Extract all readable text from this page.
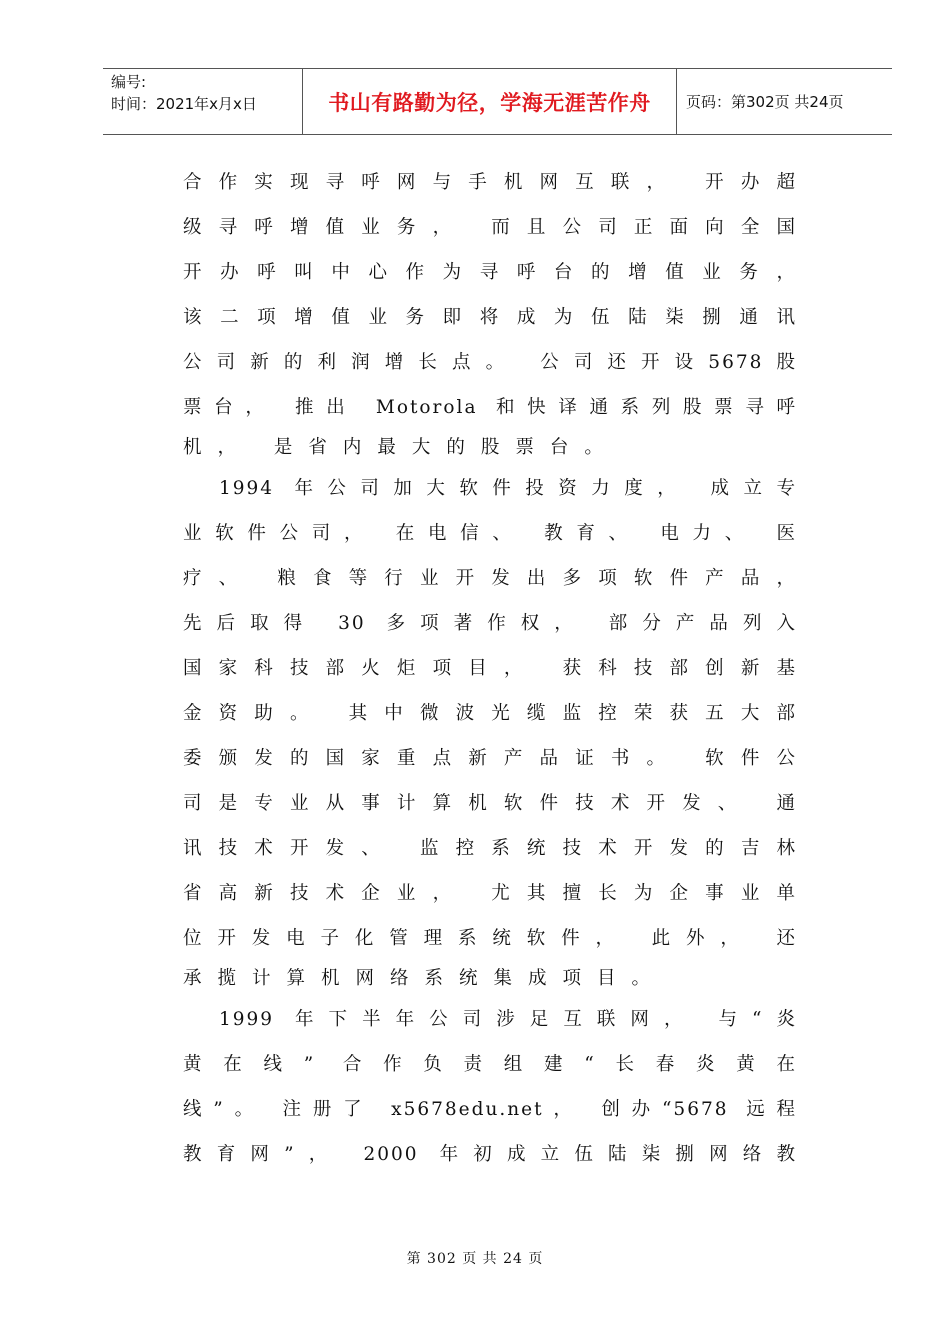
编号:
时间：2021年x月x日	书山有路勤为径，学海无涯苦作舟	页码：第302页 共24页
合作实现寻呼网与手机网互联， 开办超
级寻呼增值业务， 而且公司正面向全国
开办呼叫中心作为寻呼台的增值业务，
该二项增值业务即将成为伍陆柒捌通讯
公司新的利润增长点。 公司还开设5678股
票台， 推出 Motorola 和快译通系列股票寻呼
机， 是省内最大的股票台。
1994 年公司加大软件投资力度， 成立专
业软件公司， 在电信、 教育、 电力、 医
疗、 粮食等行业开发出多项软件产品，
先后取得 30 多项著作权， 部分产品列入
国家科技部火炬项目， 获科技部创新基
金资助。 其中微波光缆监控荣获五大部
委颁发的国家重点新产品证书。 软件公
司是专业从事计算机软件技术开发、 通
讯技术开发、 监控系统技术开发的吉林
省高新技术企业， 尤其擅长为企事业单
位开发电子化管理系统软件， 此外， 还
承揽计算机网络系统集成项目。
1999 年下半年公司涉足互联网， 与“炎
黄在线” 合作负责组建“长春炎黄在
线”。 注册了 x5678edu.net， 创办“5678 远程
教育网”， 2000 年初成立伍陆柒捌网络教
第 302 页 共 24 页
